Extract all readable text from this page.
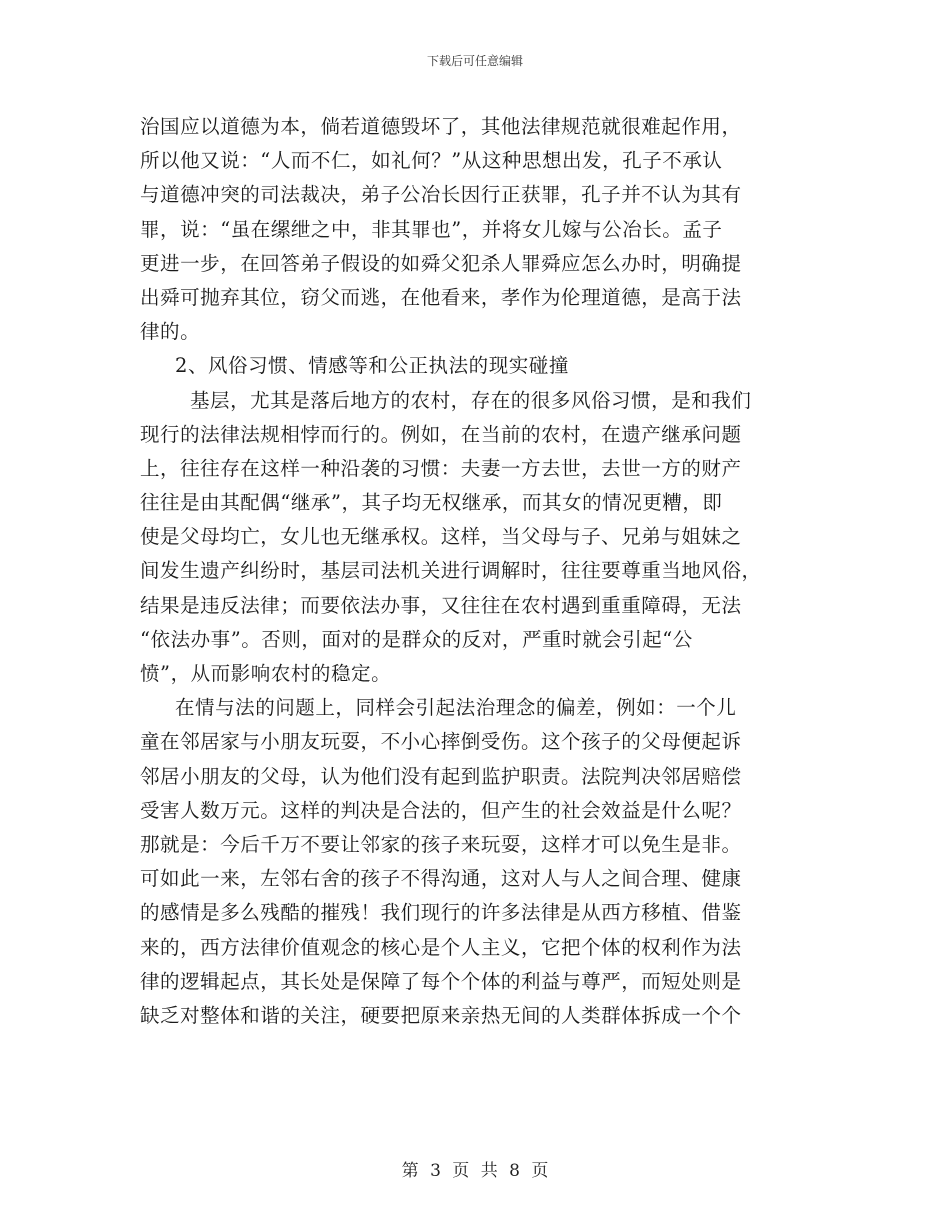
下载后可任意编辑
治国应以道德为本，倘若道德毁坏了，其他法律规范就很难起作用，
所以他又说：“人而不仁，如礼何？”从这种思想出发，孔子不承认
与道德冲突的司法裁决，弟子公冶长因行正获罪，孔子并不认为其有
罪，说：“虽在缧绁之中，非其罪也”，并将女儿嫁与公冶长。孟子
更进一步，在回答弟子假设的如舜父犯杀人罪舜应怎么办时，明确提
出舜可抛弃其位，窃父而逃，在他看来，孝作为伦理道德，是高于法
律的。
2、风俗习惯、情感等和公正执法的现实碰撞
基层，尤其是落后地方的农村，存在的很多风俗习惯，是和我们
现行的法律法规相悖而行的。例如，在当前的农村，在遗产继承问题
上，往往存在这样一种沿袭的习惯：夫妻一方去世，去世一方的财产
往往是由其配偶“继承”，其子均无权继承，而其女的情况更糟，即
使是父母均亡，女儿也无继承权。这样，当父母与子、兄弟与姐妹之
间发生遗产纠纷时，基层司法机关进行调解时，往往要尊重当地风俗，
结果是违反法律；而要依法办事，又往往在农村遇到重重障碍，无法
“依法办事”。否则，面对的是群众的反对，严重时就会引起“公
愤”，从而影响农村的稳定。
在情与法的问题上，同样会引起法治理念的偏差，例如：一个儿
童在邻居家与小朋友玩耍，不小心摔倒受伤。这个孩子的父母便起诉
邻居小朋友的父母，认为他们没有起到监护职责。法院判决邻居赔偿
受害人数万元。这样的判决是合法的，但产生的社会效益是什么呢？
那就是：今后千万不要让邻家的孩子来玩耍，这样才可以免生是非。
可如此一来，左邻右舍的孩子不得沟通，这对人与人之间合理、健康
的感情是多么残酷的摧残！我们现行的许多法律是从西方移植、借鉴
来的，西方法律价值观念的核心是个人主义，它把个体的权利作为法
律的逻辑起点，其长处是保障了每个个体的利益与尊严，而短处则是
缺乏对整体和谐的关注，硬要把原来亲热无间的人类群体拆成一个个
第 3 页 共 8 页
